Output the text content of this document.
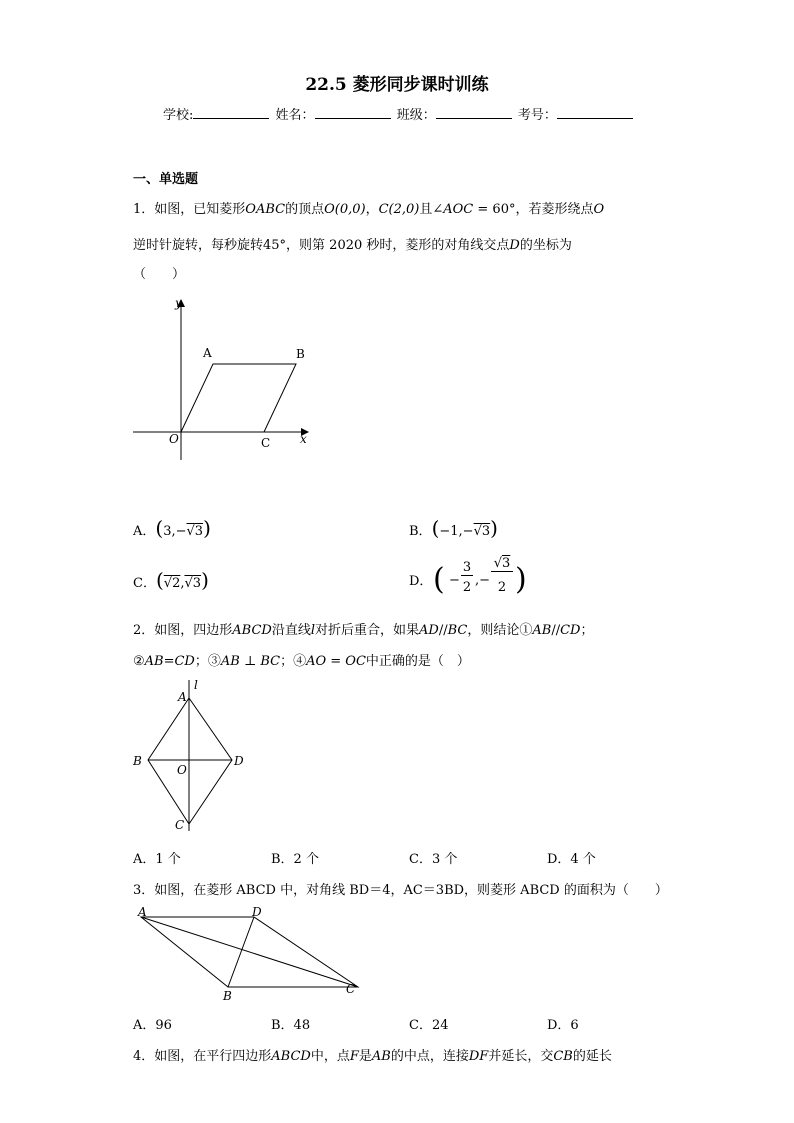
22.5 菱形同步课时训练
学校:	姓名：	班级：	考号：
一、单选题
1．如图，已知菱形OABC的顶点O(0,0)，C(2,0)且∠AOC = 60°，若菱形绕点O
逆时针旋转，每秒旋转45°，则第 2020 秒时，菱形的对角线交点D的坐标为
（　　）
y
x
O
A	B
C
A．(3,−√3)	B．(−1,−√3)
C．(√2,√3)	D． ( −
3
2 ,−
√3
2 )
2．如图，四边形ABCD沿直线l对折后重合，如果AD//BC，则结论①AB//CD；
②AB=CD；③AB ⊥ BC；④AO = OC中正确的是（　）
l
A
B	D
O
C
A．1 个	B．2 个	C．3 个	D．4 个
3．如图，在菱形 ABCD 中，对角线 BD＝4，AC＝3BD，则菱形 ABCD 的面积为（　　）
A	D
B	C
A．96	B．48	C．24	D．6
4．如图，在平行四边形ABCD中，点F是AB的中点，连接DF并延长，交CB的延长
